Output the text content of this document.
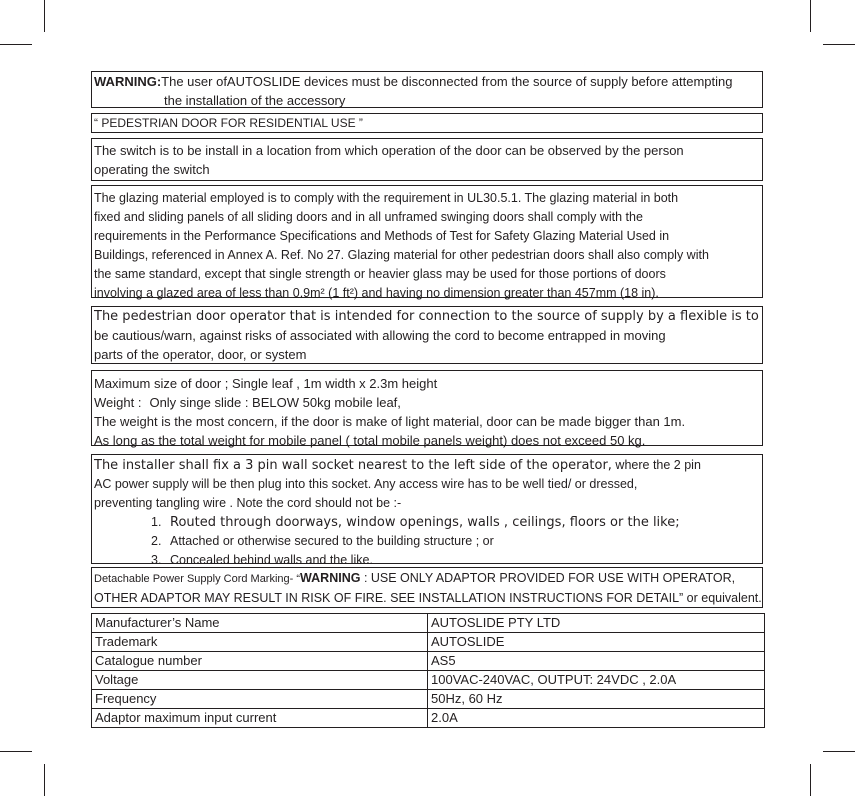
WARNING:The user ofAUTOSLIDE devices must be disconnected from the source of supply before attempting

the installation of the accessory

“ PEDESTRIAN DOOR FOR RESIDENTIAL USE ”

The switch is to be install in a location from which operation of the door can be observed by the person

operating the switch

The glazing material employed is to comply with the requirement in UL30.5.1. The glazing material in both

fixed and sliding panels of all sliding doors and in all unframed swinging doors shall comply with the

requirements in the Performance Specifications and Methods of Test for Safety Glazing Material Used in

Buildings, referenced in Annex A. Ref. No 27. Glazing material for other pedestrian doors shall also comply with

the same standard, except that single strength or heavier glass may be used for those portions of doors

involving a glazed area of less than 0.9m² (1 ft²) and having no dimension greater than 457mm (18 in).

The pedestrian door operator that is intended for connection to the source of supply by a flexible is to

be cautious/warn, against risks of associated with allowing the cord to become entrapped in moving

parts of the operator, door, or system

Maximum size of door ; Single leaf , 1m width x 2.3m height

Weight : Only singe slide : BELOW 50kg mobile leaf,

The weight is the most concern, if the door is make of light material, door can be made bigger than 1m.

As long as the total weight for mobile panel ( total mobile panels weight) does not exceed 50 kg.

The installer shall fix a 3 pin wall socket nearest to the left side of the operator, where the 2 pin

AC power supply will be then plug into this socket. Any access wire has to be well tied/ or dressed,

preventing tangling wire . Note the cord should not be :-

1. Routed through doorways, window openings, walls , ceilings, floors or the like;

2. Attached or otherwise secured to the building structure ; or

3. Concealed behind walls and the like.

Detachable Power Supply Cord Marking- “WARNING : USE ONLY ADAPTOR PROVIDED FOR USE WITH OPERATOR,

OTHER ADAPTOR MAY RESULT IN RISK OF FIRE. SEE INSTALLATION INSTRUCTIONS FOR DETAIL” or equivalent.

Manufacturer’s Name	AUTOSLIDE PTY LTD
Trademark	AUTOSLIDE
Catalogue number	AS5
Voltage	100VAC-240VAC, OUTPUT: 24VDC , 2.0A
Frequency	50Hz, 60 Hz
Adaptor maximum input current	2.0A
